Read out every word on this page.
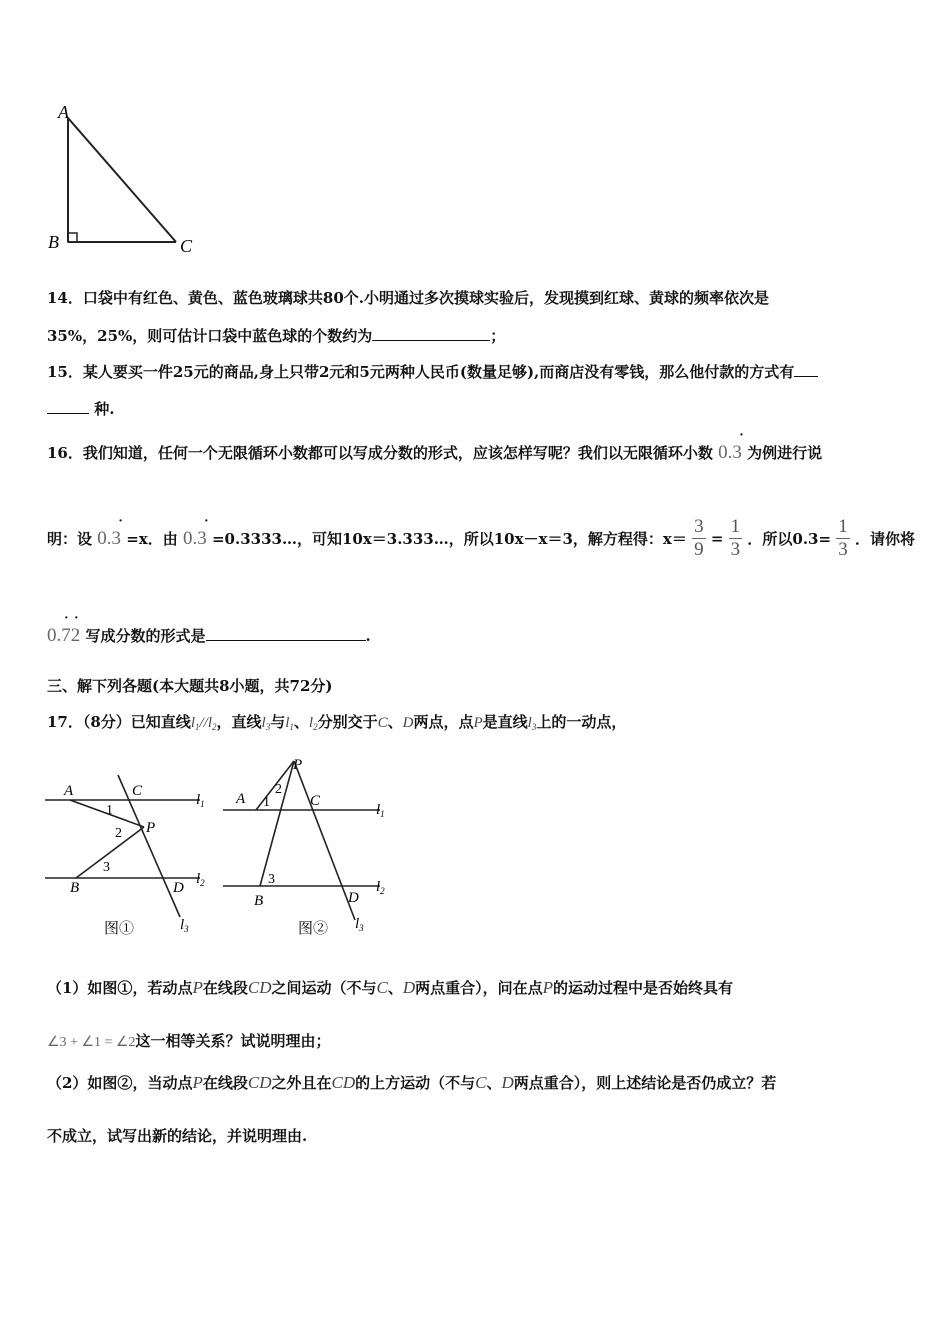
A
B	C
14．口袋中有红色、黄色、蓝色玻璃球共80个.小明通过多次摸球实验后，发现摸到红球、黄球的频率依次是
35%，25%，则可估计口袋中蓝色球的个数约为	；
15．某人要买一件25元的商品,身上只带2元和5元两种人民币(数量足够),而商店没有零钱，那么他付款的方式有
种.
16．我们知道，任何一个无限循环小数都可以写成分数的形式，应该怎样写呢？我们以无限循环小数 0.3
·
为例进行说
明：设 0.3
·
=x．由 0.3
·
=0.3333…，可知10x＝3.333…，所以10x－x＝3，解方程得：$x= \frac{3}{9} = \frac{1}{3}$ ．所以$0.3= \frac{1}{3}$ ．请你将
0.72
· ·
写成分数的形式是	.
三、解下列各题(本大题共8小题，共72分)
17．（8分）已知直线$l_1//l_2$，直线$l_3$与$l_1$、$l_2$分别交于C、D两点，点P是直线$l_3$上的一动点，
A	C
P
B	D
1
2
3
$l_1$
$l_2$
$l_3$
图①
P
A	C
B	D
1
2
3
$l_1$
$l_2$
$l_3$
图②
（1）如图①，若动点P在线段CD之间运动（不与C、D两点重合），问在点P的运动过程中是否始终具有
∠3 + ∠1 = ∠2这一相等关系？试说明理由；
（2）如图②，当动点P在线段CD之外且在CD的上方运动（不与C、D两点重合），则上述结论是否仍成立？若
不成立，试写出新的结论，并说明理由.
